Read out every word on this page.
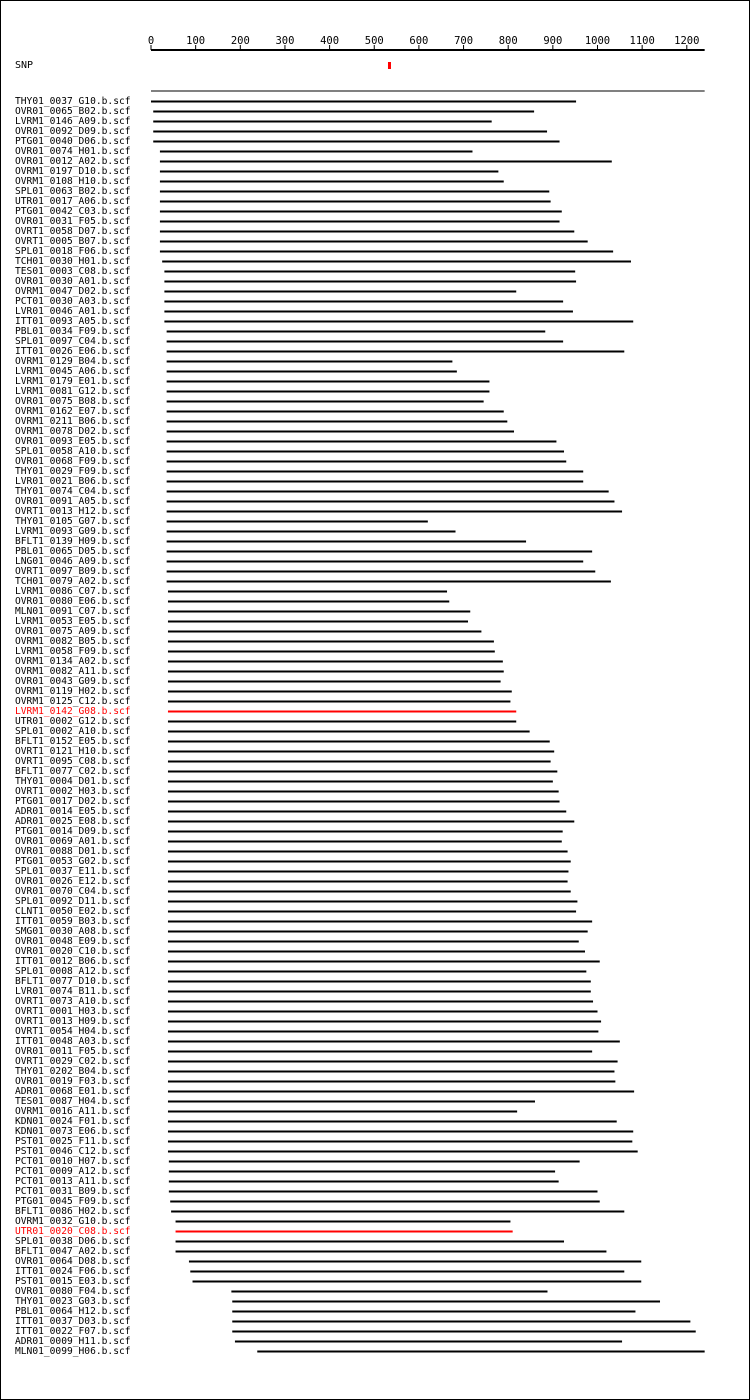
0	100 200 300 400 500 600 700 800 900 1000 1100 1200
SNP
THY01_0037_G10.b.scf
OVR01_0065_B02.b.scf
LVRM1_0146_A09.b.scf
OVR01_0092_D09.b.scf
PTG01_0040_D06.b.scf
OVR01_0074_H01.b.scf
OVR01_0012_A02.b.scf
OVRM1_0197_D10.b.scf
OVRM1_0108_H10.b.scf
SPL01_0063_B02.b.scf
UTR01_0017_A06.b.scf
PTG01_0042_C03.b.scf
OVR01_0031_F05.b.scf
OVRT1_0058_D07.b.scf
OVRT1_0005_B07.b.scf
SPL01_0018_F06.b.scf
TCH01_0030_H01.b.scf
TES01_0003_C08.b.scf
OVR01_0030_A01.b.scf
OVRM1_0047_D02.b.scf
PCT01_0030_A03.b.scf
LVR01_0046_A01.b.scf
ITT01_0093_A05.b.scf
PBL01_0034_F09.b.scf
SPL01_0097_C04.b.scf
ITT01_0026_E06.b.scf
OVRM1_0129_B04.b.scf
LVRM1_0045_A06.b.scf
LVRM1_0179_E01.b.scf
LVRM1_0081_G12.b.scf
OVR01_0075_B08.b.scf
OVRM1_0162_E07.b.scf
OVRM1_0211_B06.b.scf
OVRM1_0078_D02.b.scf
OVR01_0093_E05.b.scf
SPL01_0058_A10.b.scf
OVR01_0068_F09.b.scf
THY01_0029_F09.b.scf
LVR01_0021_B06.b.scf
THY01_0074_C04.b.scf
OVR01_0091_A05.b.scf
OVRT1_0013_H12.b.scf
THY01_0105_G07.b.scf
LVRM1_0093_G09.b.scf
BFLT1_0139_H09.b.scf
PBL01_0065_D05.b.scf
LNG01_0046_A09.b.scf
OVRT1_0097_B09.b.scf
TCH01_0079_A02.b.scf
LVRM1_0086_C07.b.scf
OVR01_0080_E06.b.scf
MLN01_0091_C07.b.scf
LVRM1_0053_E05.b.scf
OVR01_0075_A09.b.scf
OVRM1_0082_B05.b.scf
LVRM1_0058_F09.b.scf
OVRM1_0134_A02.b.scf
OVRM1_0082_A11.b.scf
OVR01_0043_G09.b.scf
OVRM1_0119_H02.b.scf
OVRM1_0125_C12.b.scf
LVRM1_0142_G08.b.scf
UTR01_0002_G12.b.scf
SPL01_0002_A10.b.scf
BFLT1_0152_E05.b.scf
OVRT1_0121_H10.b.scf
OVRT1_0095_C08.b.scf
BFLT1_0077_C02.b.scf
THY01_0004_D01.b.scf
OVRT1_0002_H03.b.scf
PTG01_0017_D02.b.scf
ADR01_0014_E05.b.scf
ADR01_0025_E08.b.scf
PTG01_0014_D09.b.scf
OVR01_0069_A01.b.scf
OVR01_0088_D01.b.scf
PTG01_0053_G02.b.scf
SPL01_0037_E11.b.scf
OVR01_0026_E12.b.scf
OVR01_0070_C04.b.scf
SPL01_0092_D11.b.scf
CLNT1_0050_E02.b.scf
ITT01_0059_B03.b.scf
SMG01_0030_A08.b.scf
OVR01_0048_E09.b.scf
OVR01_0020_C10.b.scf
ITT01_0012_B06.b.scf
SPL01_0008_A12.b.scf
BFLT1_0077_D10.b.scf
LVR01_0074_B11.b.scf
OVRT1_0073_A10.b.scf
OVRT1_0001_H03.b.scf
OVRT1_0013_H09.b.scf
OVRT1_0054_H04.b.scf
ITT01_0048_A03.b.scf
OVR01_0011_F05.b.scf
OVRT1_0029_C02.b.scf
THY01_0202_B04.b.scf
OVR01_0019_F03.b.scf
ADR01_0068_E01.b.scf
TES01_0087_H04.b.scf
OVRM1_0016_A11.b.scf
KDN01_0024_F01.b.scf
KDN01_0073_E06.b.scf
PST01_0025_F11.b.scf
PST01_0046_C12.b.scf
PCT01_0010_H07.b.scf
PCT01_0009_A12.b.scf
PCT01_0013_A11.b.scf
PCT01_0031_B09.b.scf
PTG01_0045_F09.b.scf
BFLT1_0086_H02.b.scf
OVRM1_0032_G10.b.scf
UTR01_0020_C08.b.scf
SPL01_0038_D06.b.scf
BFLT1_0047_A02.b.scf
OVR01_0064_D08.b.scf
ITT01_0024_F06.b.scf
PST01_0015_E03.b.scf
OVR01_0080_F04.b.scf
THY01_0023_G03.b.scf
PBL01_0064_H12.b.scf
ITT01_0037_D03.b.scf
ITT01_0022_F07.b.scf
ADR01_0009_H11.b.scf
MLN01_0099_H06.b.scf
